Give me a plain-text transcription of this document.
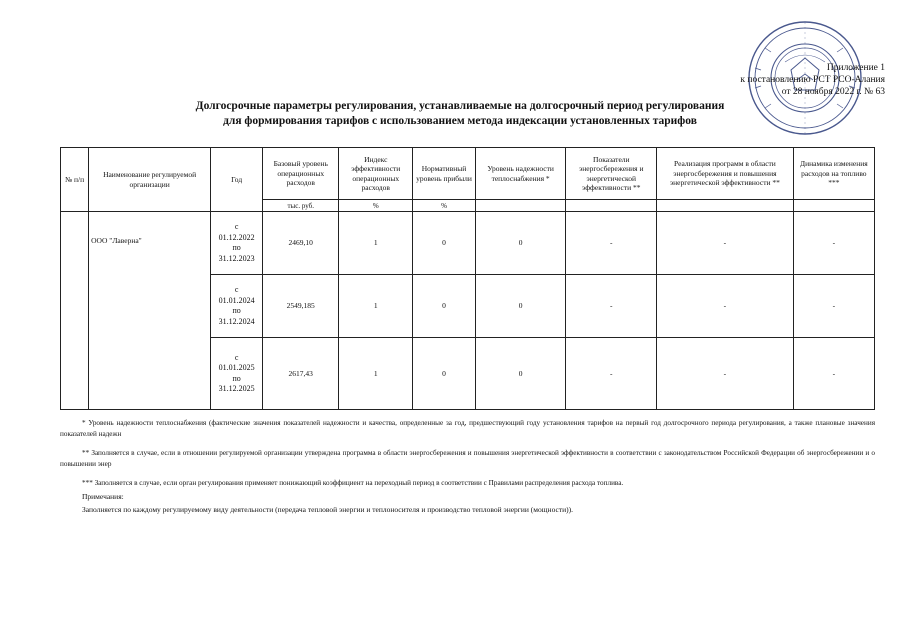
Приложение 1
к постановлению РСТ РСО-Алания
от 28 ноября 2022 г. № 63
Долгосрочные параметры регулирования, устанавливаемые на долгосрочный период регулирования
для формирования тарифов с использованием метода индексации установленных тарифов
№ п/п	Наименование регулируемой организации	Год	Базовый уровень операционных расходов	Индекс эффективности операционных расходов	Нормативный уровень прибыли	Уровень надежности теплоснабжения *	Показатели энергосбережения и энергетической эффективности **	Реализация программ в области энергосбережения и повышения энергетической эффективности **	Динамика изменения расходов на топливо ***
			тыс. руб.	%	%				
	ООО "Лаверна"	с
01.12.2022
по
31.12.2023	2469,10	1	0	0	-	-	-

		с
01.01.2024
по
31.12.2024	2549,185	1	0	0	-	-	-

		с
01.01.2025
по
31.12.2025	2617,43	1	0	0	-	-	-

* Уровень надежности теплоснабжения (фактические значения показателей надежности и качества, определенные за год, предшествующий году установления тарифов на первый год долгосрочного периода регулирования, а также плановые значения показателей надежн

** Заполняется в случае, если в отношении регулируемой организации утверждена программа в области энергосбережения и повышения энергетической эффективности в соответствии с законодательством Российской Федерации об энергосбережении и о повышении энер

*** Заполняется в случае, если орган регулирования применяет понижающий коэффициент на переходный период в соответствии с Правилами распределения расхода топлива.

Примечания:

Заполняется по каждому регулируемому виду деятельности (передача тепловой энергии и теплоносителя и производство тепловой энергии (мощности)).
